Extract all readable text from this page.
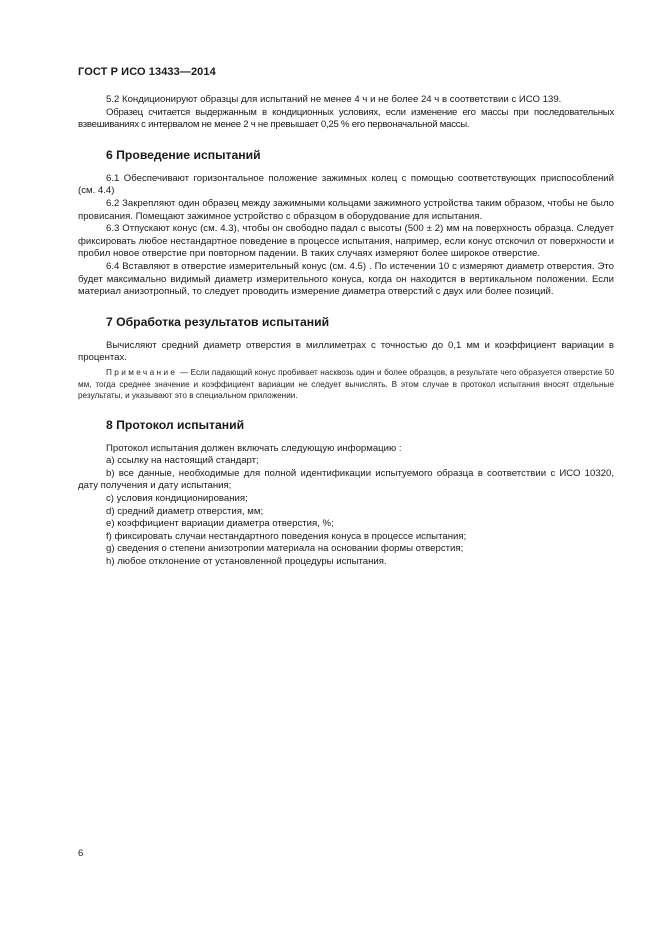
ГОСТ Р ИСО 13433—2014

5.2 Кондиционируют образцы для испытаний не менее 4 ч и не более 24 ч в соответствии с ИСО 139.

Образец считается выдержанным в кондиционных условиях, если изменение его массы при последовательных взвешиваниях с интервалом не менее 2 ч не превышает 0,25 % его первоначальной массы.

6 Проведение испытаний

6.1 Обеспечивают горизонтальное положение зажимных колец с помощью соответствующих приспособлений (см. 4.4)

6.2 Закрепляют один образец между зажимными кольцами зажимного устройства таким образом, чтобы не было провисания. Помещают зажимное устройство с образцом в оборудование для испытания.

6.3 Отпускают конус (см. 4.3), чтобы он свободно падал с высоты (500 ± 2) мм на поверхность образца. Следует фиксировать любое нестандартное поведение в процессе испытания, например, если конус отскочил от поверхности и пробил новое отверстие при повторном падении. В таких случаях измеряют более широкое отверстие.

6.4 Вставляют в отверстие измерительный конус (см. 4.5) . По истечении 10 с измеряют диаметр отверстия. Это будет максимально видимый диаметр измерительного конуса, когда он находится в вертикальном положении. Если материал анизотропный, то следует проводить измерение диаметра отверстий с двух или более позиций.

7 Обработка результатов испытаний

Вычисляют средний диаметр отверстия в миллиметрах с точностью до 0,1 мм и коэффициент вариации в процентах.

Примечание — Если падающий конус пробивает насквозь один и более образцов, в результате чего образуется отверстие 50 мм, тогда среднее значение и коэффициент вариации не следует вычислять. В этом случае в протокол испытания вносят отдельные результаты, и указывают это в специальном приложении.

8 Протокол испытаний

Протокол испытания должен включать следующую информацию :

a) ссылку на настоящий стандарт;

b) все данные, необходимые для полной идентификации испытуемого образца в соответствии с ИСО 10320, дату получения и дату испытания;

c) условия кондиционирования;

d) средний диаметр отверстия, мм;

e) коэффициент вариации диаметра отверстия, %;

f) фиксировать случаи нестандартного поведения конуса в процессе испытания;

g) сведения о степени анизотропии материала на основании формы отверстия;

h) любое отклонение от установленной процедуры испытания.

6
